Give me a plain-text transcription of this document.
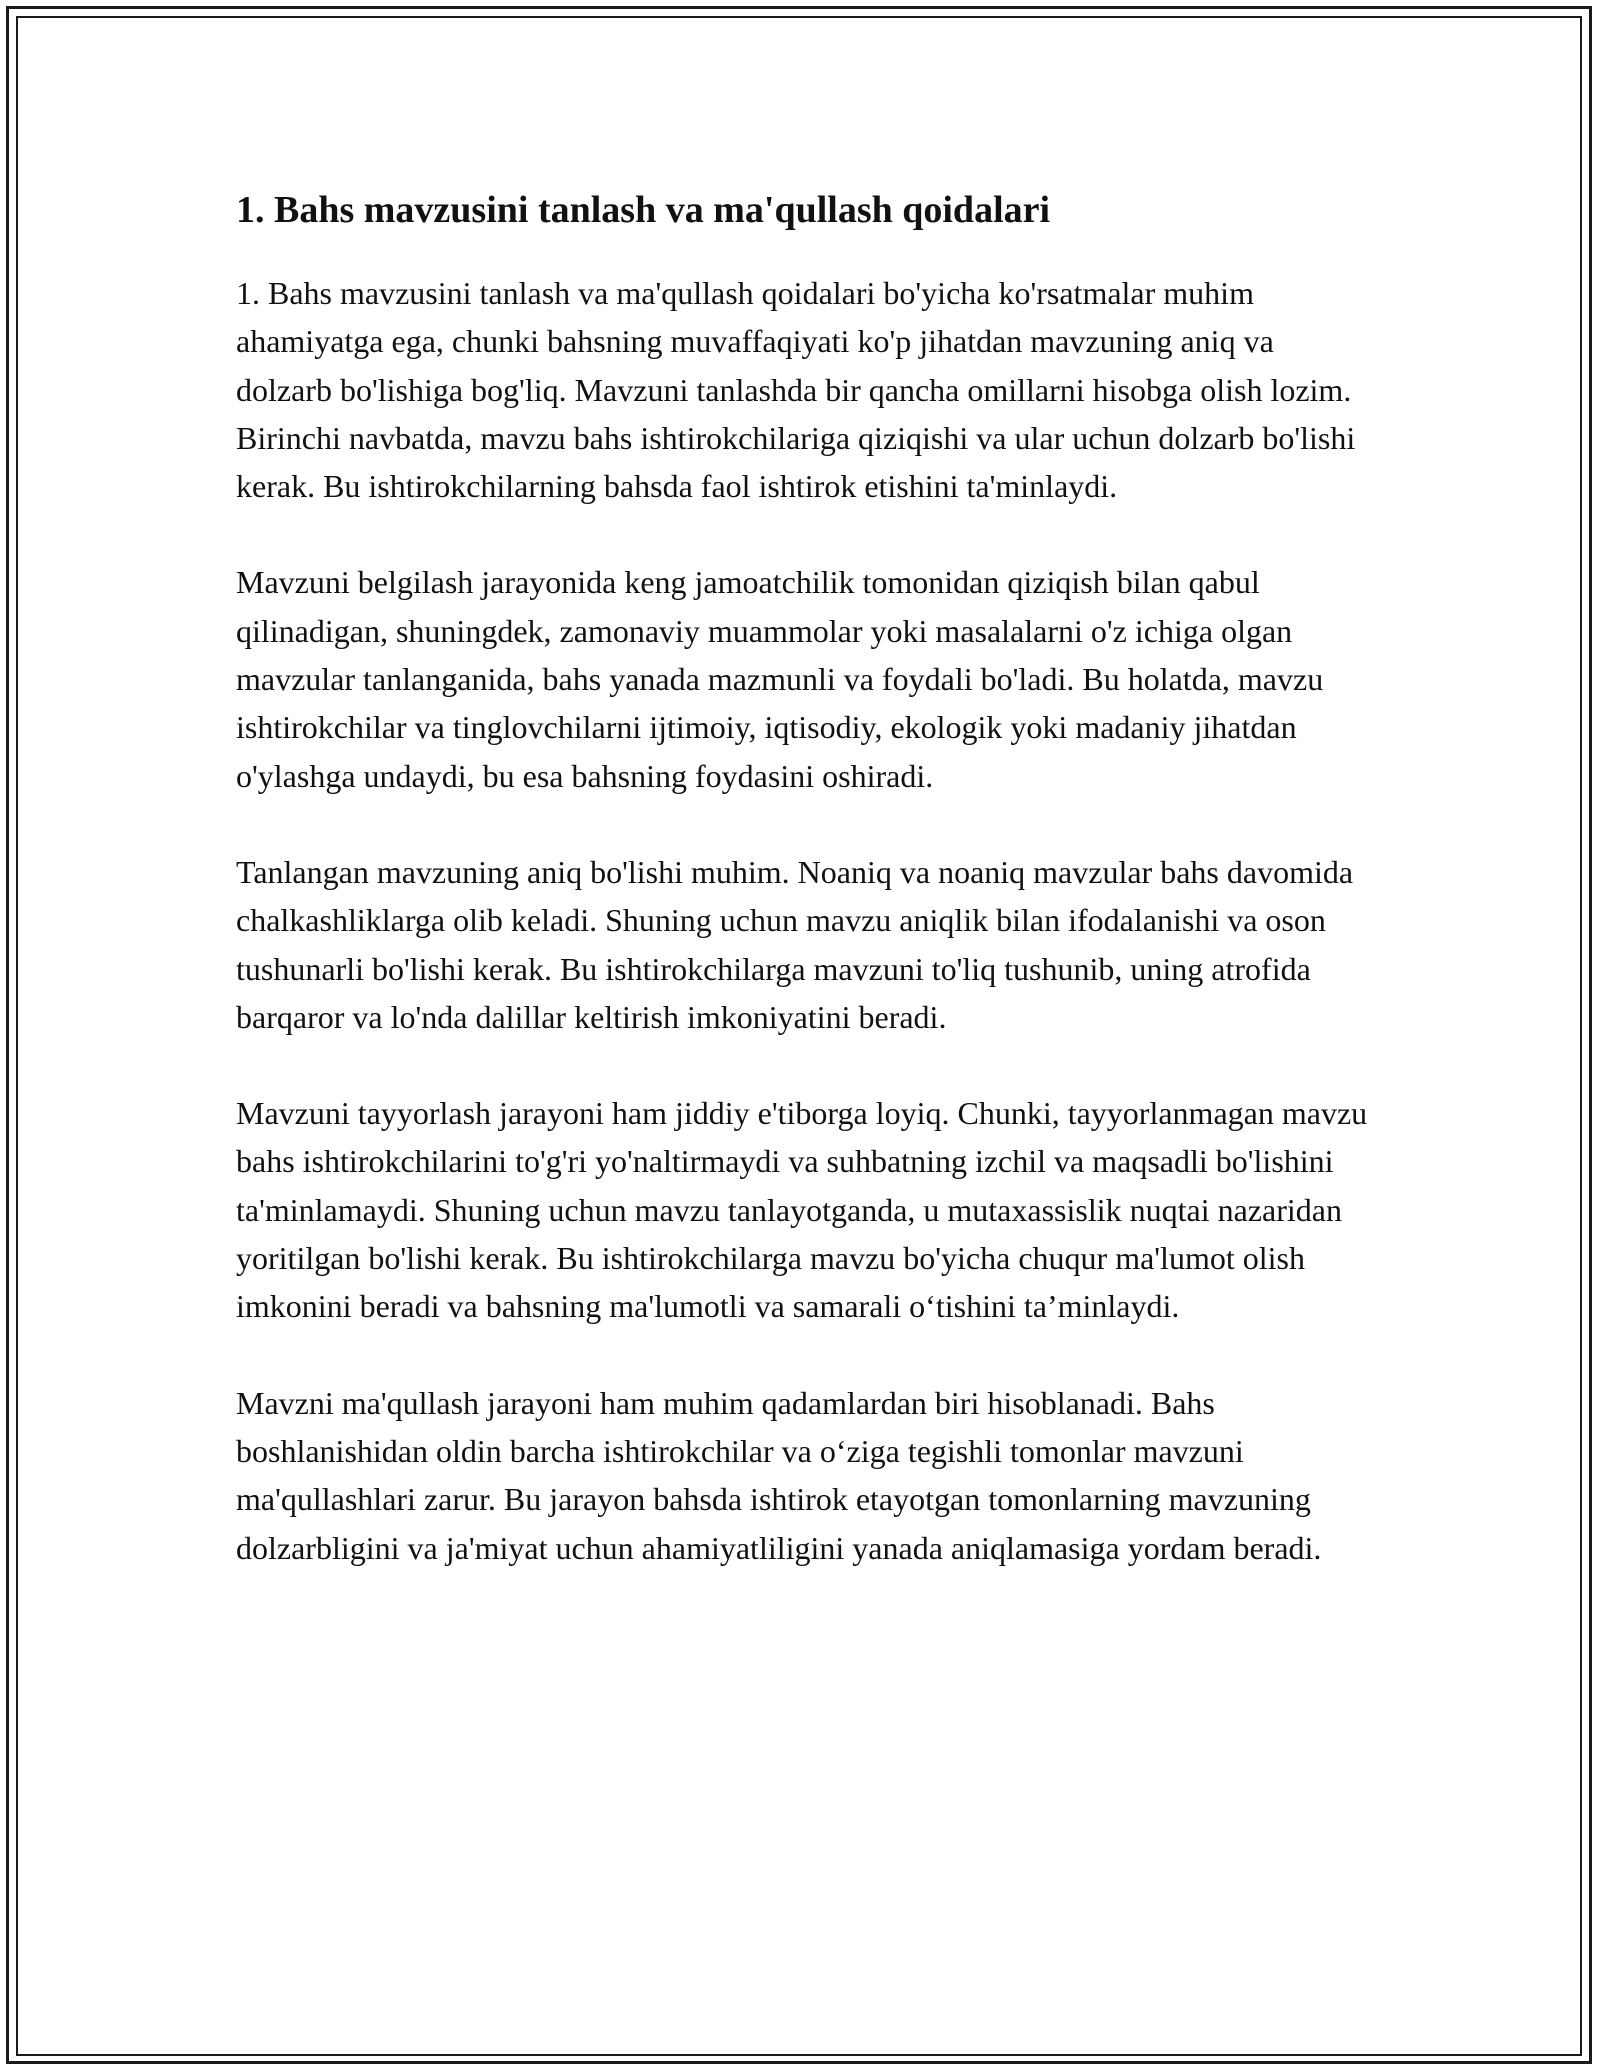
1. Bahs mavzusini tanlash va ma'qullash qoidalari

1. Bahs mavzusini tanlash va ma'qullash qoidalari bo'yicha ko'rsatmalar muhim ahamiyatga ega, chunki bahsning muvaffaqiyati ko'p jihatdan mavzuning aniq va dolzarb bo'lishiga bog'liq. Mavzuni tanlashda bir qancha omillarni hisobga olish lozim. Birinchi navbatda, mavzu bahs ishtirokchilariga qiziqishi va ular uchun dolzarb bo'lishi kerak. Bu ishtirokchilarning bahsda faol ishtirok etishini ta'minlaydi.

Mavzuni belgilash jarayonida keng jamoatchilik tomonidan qiziqish bilan qabul qilinadigan, shuningdek, zamonaviy muammolar yoki masalalarni o'z ichiga olgan mavzular tanlanganida, bahs yanada mazmunli va foydali bo'ladi. Bu holatda, mavzu ishtirokchilar va tinglovchilarni ijtimoiy, iqtisodiy, ekologik yoki madaniy jihatdan o'ylashga undaydi, bu esa bahsning foydasini oshiradi.

Tanlangan mavzuning aniq bo'lishi muhim. Noaniq va noaniq mavzular bahs davomida chalkashliklarga olib keladi. Shuning uchun mavzu aniqlik bilan ifodalanishi va oson tushunarli bo'lishi kerak. Bu ishtirokchilarga mavzuni to'liq tushunib, uning atrofida barqaror va lo'nda dalillar keltirish imkoniyatini beradi.

Mavzuni tayyorlash jarayoni ham jiddiy e'tiborga loyiq. Chunki, tayyorlanmagan mavzu bahs ishtirokchilarini to'g'ri yo'naltirmaydi va suhbatning izchil va maqsadli bo'lishini ta'minlamaydi. Shuning uchun mavzu tanlayotganda, u mutaxassislik nuqtai nazaridan yoritilgan bo'lishi kerak. Bu ishtirokchilarga mavzu bo'yicha chuqur ma'lumot olish imkonini beradi va bahsning ma'lumotli va samarali o‘tishini ta’minlaydi.

Mavzni ma'qullash jarayoni ham muhim qadamlardan biri hisoblanadi. Bahs boshlanishidan oldin barcha ishtirokchilar va o‘ziga tegishli tomonlar mavzuni ma'qullashlari zarur. Bu jarayon bahsda ishtirok etayotgan tomonlarning mavzuning dolzarbligini va ja'miyat uchun ahamiyatliligini yanada aniqlamasiga yordam beradi.
